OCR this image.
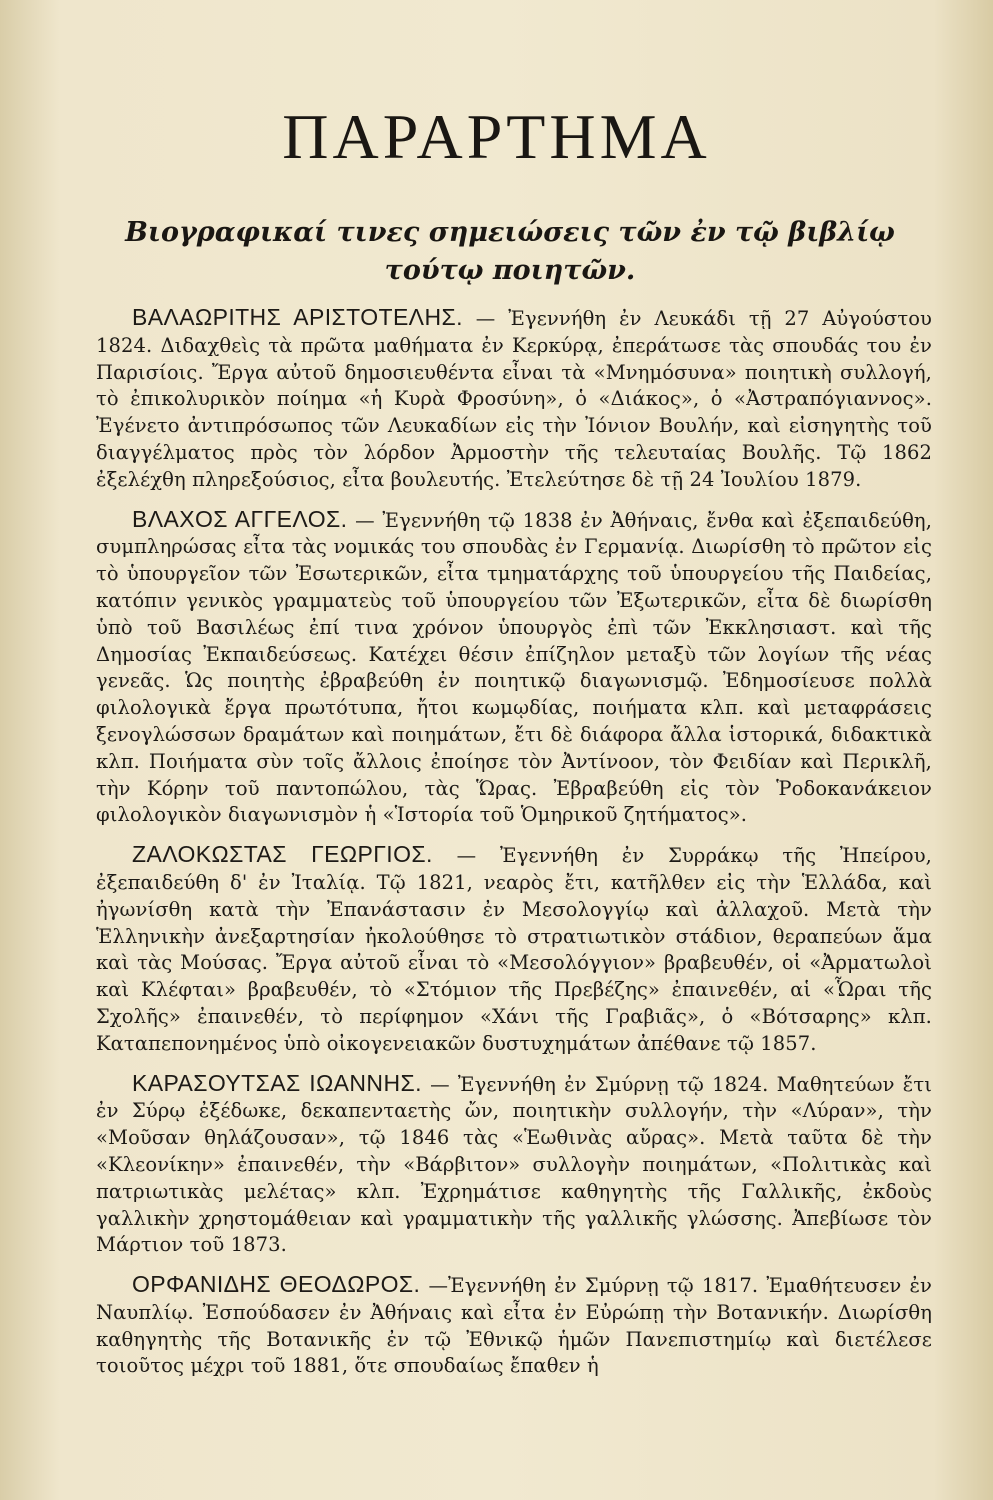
ΠΑΡΑΡΤΗΜΑ
Βιογραφικαί τινες σημειώσεις τῶν ἐν τῷ βιβλίῳ τούτῳ ποιητῶν.

ΒΑΛΑΩΡΙΤΗΣ ΑΡΙΣΤΟΤΕΛΗΣ. — Ἐγεννήθη ἐν Λευκάδι τῇ 27 Αὐγούστου 1824. Διδαχθεὶς τὰ πρῶτα μαθήματα ἐν Κερκύρᾳ, ἐπεράτωσε τὰς σπουδάς του ἐν Παρισίοις. Ἔργα αὐτοῦ δημοσιευθέντα εἶναι τὰ «Μνημόσυνα» ποιητικὴ συλλογή, τὸ ἐπικολυρικὸν ποίημα «ἡ Κυρὰ Φροσύνη», ὁ «Διάκος», ὁ «Ἀστραπόγιαννος». Ἐγένετο ἀντιπρόσωπος τῶν Λευκαδίων εἰς τὴν Ἰόνιον Βουλήν, καὶ εἰσηγητὴς τοῦ διαγγέλματος πρὸς τὸν λόρδον Ἀρμοστὴν τῆς τελευταίας Βουλῆς. Τῷ 1862 ἐξελέχθη πληρεξούσιος, εἶτα βουλευτής. Ἐτελεύτησε δὲ τῇ 24 Ἰουλίου 1879.

ΒΛΑΧΟΣ ΑΓΓΕΛΟΣ. — Ἐγεννήθη τῷ 1838 ἐν Ἀθήναις, ἔνθα καὶ ἐξεπαιδεύθη, συμπληρώσας εἶτα τὰς νομικάς του σπουδὰς ἐν Γερμανίᾳ. Διωρίσθη τὸ πρῶτον εἰς τὸ ὑπουργεῖον τῶν Ἐσωτερικῶν, εἶτα τμηματάρχης τοῦ ὑπουργείου τῆς Παιδείας, κατόπιν γενικὸς γραμματεὺς τοῦ ὑπουργείου τῶν Ἐξωτερικῶν, εἶτα δὲ διωρίσθη ὑπὸ τοῦ Βασιλέως ἐπί τινα χρόνον ὑπουργὸς ἐπὶ τῶν Ἐκκλησιαστ. καὶ τῆς Δημοσίας Ἐκπαιδεύσεως. Κατέχει θέσιν ἐπίζηλον μεταξὺ τῶν λογίων τῆς νέας γενεᾶς. Ὡς ποιητὴς ἐβραβεύθη ἐν ποιητικῷ διαγωνισμῷ. Ἐδημοσίευσε πολλὰ φιλολογικὰ ἔργα πρωτότυπα, ἤτοι κωμῳδίας, ποιήματα κλπ. καὶ μεταφράσεις ξενογλώσσων δραμάτων καὶ ποιημάτων, ἔτι δὲ διάφορα ἄλλα ἱστορικά, διδακτικὰ κλπ. Ποιήματα σὺν τοῖς ἄλλοις ἐποίησε τὸν Ἀντίνοον, τὸν Φειδίαν καὶ Περικλῆ, τὴν Κόρην τοῦ παντοπώλου, τὰς Ὥρας. Ἐβραβεύθη εἰς τὸν Ῥοδοκανάκειον φιλολογικὸν διαγωνισμὸν ἡ «Ἱστορία τοῦ Ὁμηρικοῦ ζητήματος».

ΖΑΛΟΚΩΣΤΑΣ ΓΕΩΡΓΙΟΣ. — Ἐγεννήθη ἐν Συρράκῳ τῆς Ἠπείρου, ἐξεπαιδεύθη δ' ἐν Ἰταλίᾳ. Τῷ 1821, νεαρὸς ἔτι, κατῆλθεν εἰς τὴν Ἑλλάδα, καὶ ἠγωνίσθη κατὰ τὴν Ἐπανάστασιν ἐν Μεσολογγίῳ καὶ ἀλλαχοῦ. Μετὰ τὴν Ἑλληνικὴν ἀνεξαρτησίαν ἠκολούθησε τὸ στρατιωτικὸν στάδιον, θεραπεύων ἅμα καὶ τὰς Μούσας. Ἔργα αὐτοῦ εἶναι τὸ «Μεσολόγγιον» βραβευθέν, οἱ «Ἀρματωλοὶ καὶ Κλέφται» βραβευθέν, τὸ «Στόμιον τῆς Πρεβέζης» ἐπαινεθέν, αἱ «Ὧραι τῆς Σχολῆς» ἐπαινεθέν, τὸ περίφημον «Χάνι τῆς Γραβιᾶς», ὁ «Βότσαρης» κλπ. Καταπεπονημένος ὑπὸ οἰκογενειακῶν δυστυχημάτων ἀπέθανε τῷ 1857.

ΚΑΡΑΣΟΥΤΣΑΣ ΙΩΑΝΝΗΣ. — Ἐγεννήθη ἐν Σμύρνῃ τῷ 1824. Μαθητεύων ἔτι ἐν Σύρῳ ἐξέδωκε, δεκαπενταετὴς ὤν, ποιητικὴν συλλογήν, τὴν «Λύραν», τὴν «Μοῦσαν θηλάζουσαν», τῷ 1846 τὰς «Ἑωθινὰς αὔρας». Μετὰ ταῦτα δὲ τὴν «Κλεονίκην» ἐπαινεθέν, τὴν «Βάρβιτον» συλλογὴν ποιημάτων, «Πολιτικὰς καὶ πατριωτικὰς μελέτας» κλπ. Ἐχρημάτισε καθηγητὴς τῆς Γαλλικῆς, ἐκδοὺς γαλλικὴν χρηστομάθειαν καὶ γραμματικὴν τῆς γαλλικῆς γλώσσης. Ἀπεβίωσε τὸν Μάρτιον τοῦ 1873.

ΟΡΦΑΝΙΔΗΣ ΘΕΟΔΩΡΟΣ. —Ἐγεννήθη ἐν Σμύρνῃ τῷ 1817. Ἐμαθήτευσεν ἐν Ναυπλίῳ. Ἐσπούδασεν ἐν Ἀθήναις καὶ εἶτα ἐν Εὐρώπῃ τὴν Βοτανικήν. Διωρίσθη καθηγητὴς τῆς Βοτανικῆς ἐν τῷ Ἐθνικῷ ἡμῶν Πανεπιστημίῳ καὶ διετέλεσε τοιοῦτος μέχρι τοῦ 1881, ὅτε σπουδαίως ἔπαθεν ἡ
